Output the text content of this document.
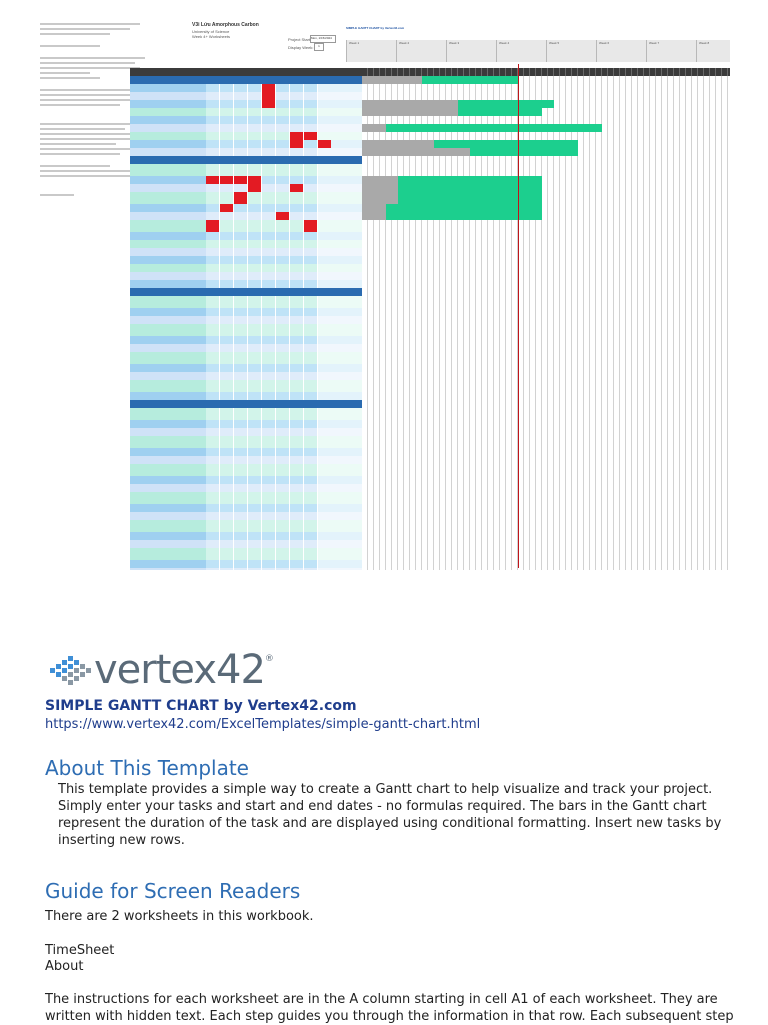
V3i Lứu Amorphous Carbon
University of Science
Week 4+ Worksheets
Project Start: Mon, 1/15/2024
Display Week:	1
SIMPLE GANTT CHART by Vertex42.com
Week 1	Week 2	Week 3	Week 4	Week 5	Week 6	Week 7	Week 8
vertex42 ®
SIMPLE GANTT CHART by Vertex42.com
https://www.vertex42.com/ExcelTemplates/simple-gantt-chart.html
About This Template

This template provides a simple way to create a Gantt chart to help visualize and track your project. Simply enter your tasks and start and end dates - no formulas required. The bars in the Gantt chart represent the duration of the task and are displayed using conditional formatting. Insert new tasks by inserting new rows.

Guide for Screen Readers

There are 2 worksheets in this workbook.

TimeSheet

About

The instructions for each worksheet are in the A column starting in cell A1 of each worksheet. They are written with hidden text. Each step guides you through the information in that row. Each subsequent step
